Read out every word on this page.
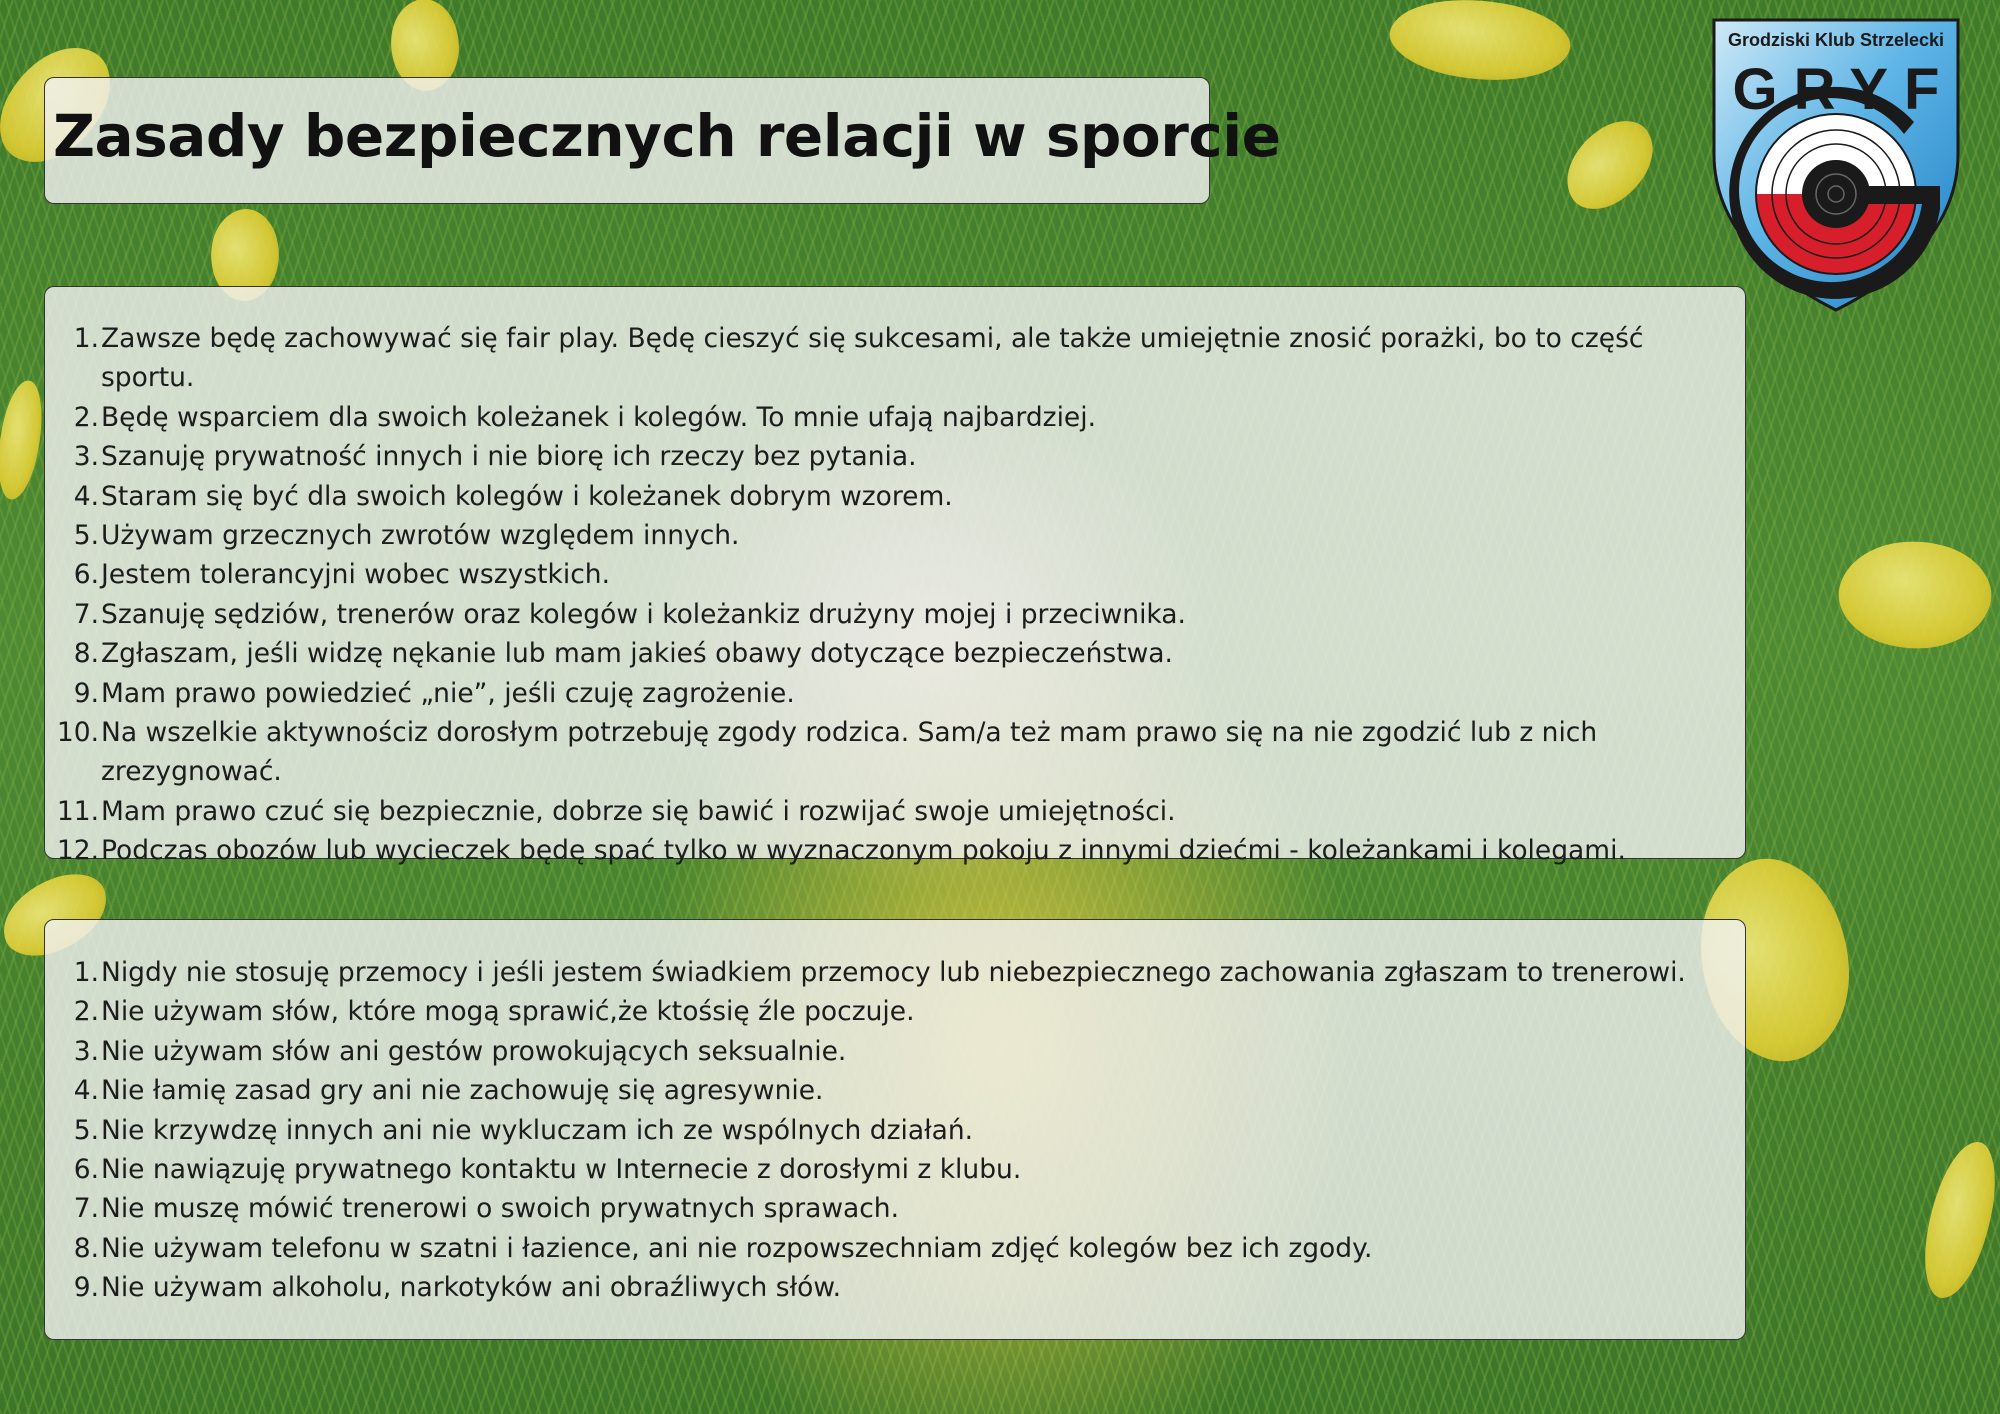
Grodziski Klub Strzelecki
GRYF
Zasady bezpiecznych relacji w sporcie
1. Zawsze będę zachowywać się fair play. Będę cieszyć się sukcesami, ale także umiejętnie znosić porażki, bo to część sportu.
2. Będę wsparciem dla swoich koleżanek i kolegów. To mnie ufają najbardziej.
3. Szanuję prywatność innych i nie biorę ich rzeczy bez pytania.
4. Staram się być dla swoich kolegów i koleżanek dobrym wzorem.
5. Używam grzecznych zwrotów względem innych.
6. Jestem tolerancyjni wobec wszystkich.
7. Szanuję sędziów, trenerów oraz kolegów i koleżankiz drużyny mojej i przeciwnika.
8. Zgłaszam, jeśli widzę nękanie lub mam jakieś obawy dotyczące bezpieczeństwa.
9. Mam prawo powiedzieć „nie”, jeśli czuję zagrożenie.
10. Na wszelkie aktywnościz dorosłym potrzebuję zgody rodzica. Sam/a też mam prawo się na nie zgodzić lub z nich zrezygnować.
11. Mam prawo czuć się bezpiecznie, dobrze się bawić i rozwijać swoje umiejętności.
12. Podczas obozów lub wycieczek będę spać tylko w wyznaczonym pokoju z innymi dziećmi - koleżankami i kolegami.
1. Nigdy nie stosuję przemocy i jeśli jestem świadkiem przemocy lub niebezpiecznego zachowania zgłaszam to trenerowi.
2. Nie używam słów, które mogą sprawić,że ktośsię źle poczuje.
3. Nie używam słów ani gestów prowokujących seksualnie.
4. Nie łamię zasad gry ani nie zachowuję się agresywnie.
5. Nie krzywdzę innych ani nie wykluczam ich ze wspólnych działań.
6. Nie nawiązuję prywatnego kontaktu w Internecie z dorosłymi z klubu.
7. Nie muszę mówić trenerowi o swoich prywatnych sprawach.
8. Nie używam telefonu w szatni i łazience, ani nie rozpowszechniam zdjęć kolegów bez ich zgody.
9. Nie używam alkoholu, narkotyków ani obraźliwych słów.
